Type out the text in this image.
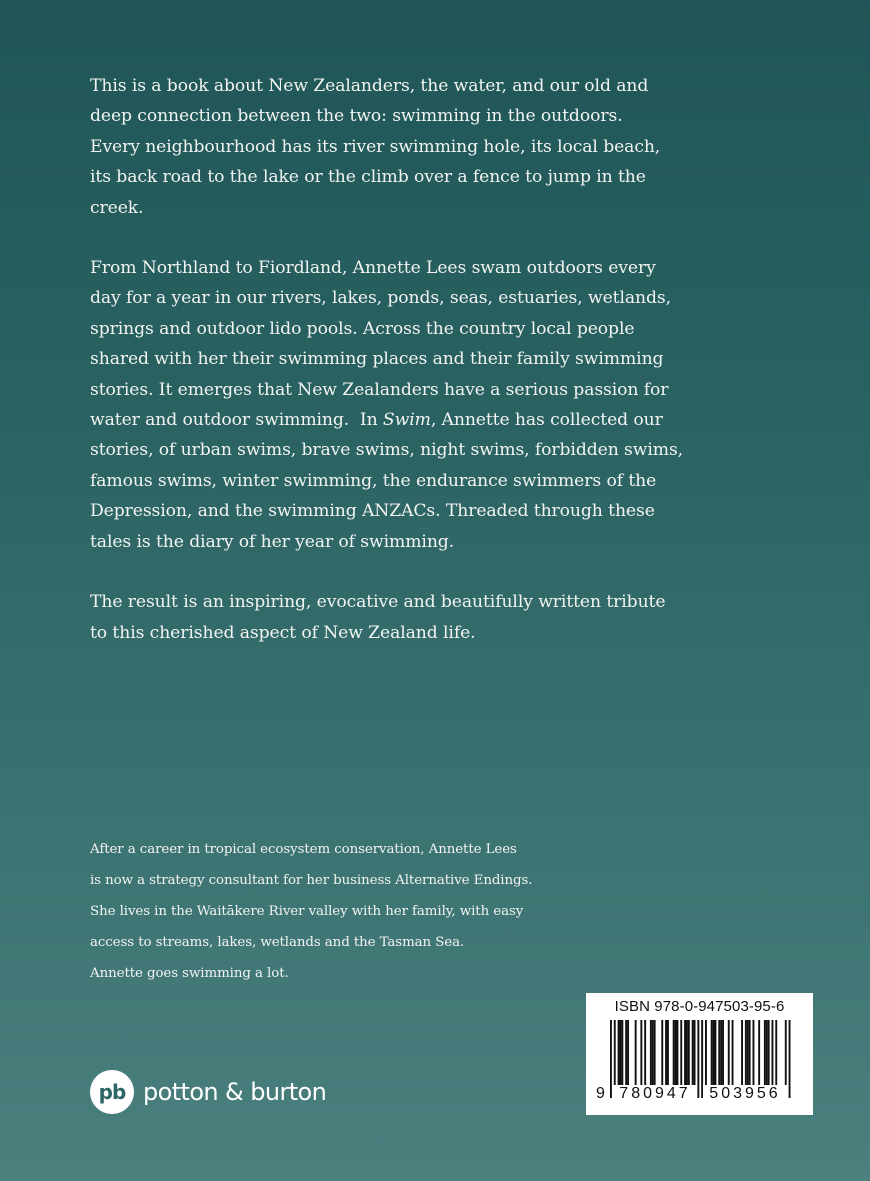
This is a book about New Zealanders, the water, and our old and
deep connection between the two: swimming in the outdoors.
Every neighbourhood has its river swimming hole, its local beach,
its back road to the lake or the climb over a fence to jump in the creek.

From Northland to Fiordland, Annette Lees swam outdoors every
day for a year in our rivers, lakes, ponds, seas, estuaries, wetlands,
springs and outdoor lido pools. Across the country local people
shared with her their swimming places and their family swimming
stories. It emerges that New Zealanders have a serious passion for
water and outdoor swimming.  In Swim, Annette has collected our
stories, of urban swims, brave swims, night swims, forbidden swims,
famous swims, winter swimming, the endurance swimmers of the
Depression, and the swimming ANZACs. Threaded through these
tales is the diary of her year of swimming.

The result is an inspiring, evocative and beautifully written tribute
to this cherished aspect of New Zealand life.

After a career in tropical ecosystem conservation, Annette Lees
is now a strategy consultant for her business Alternative Endings.
She lives in the Waitākere River valley with her family, with easy
access to streams, lakes, wetlands and the Tasman Sea.
Annette goes swimming a lot.
pb potton & burton
ISBN 978-0-947503-95-6
9 780947	503956
